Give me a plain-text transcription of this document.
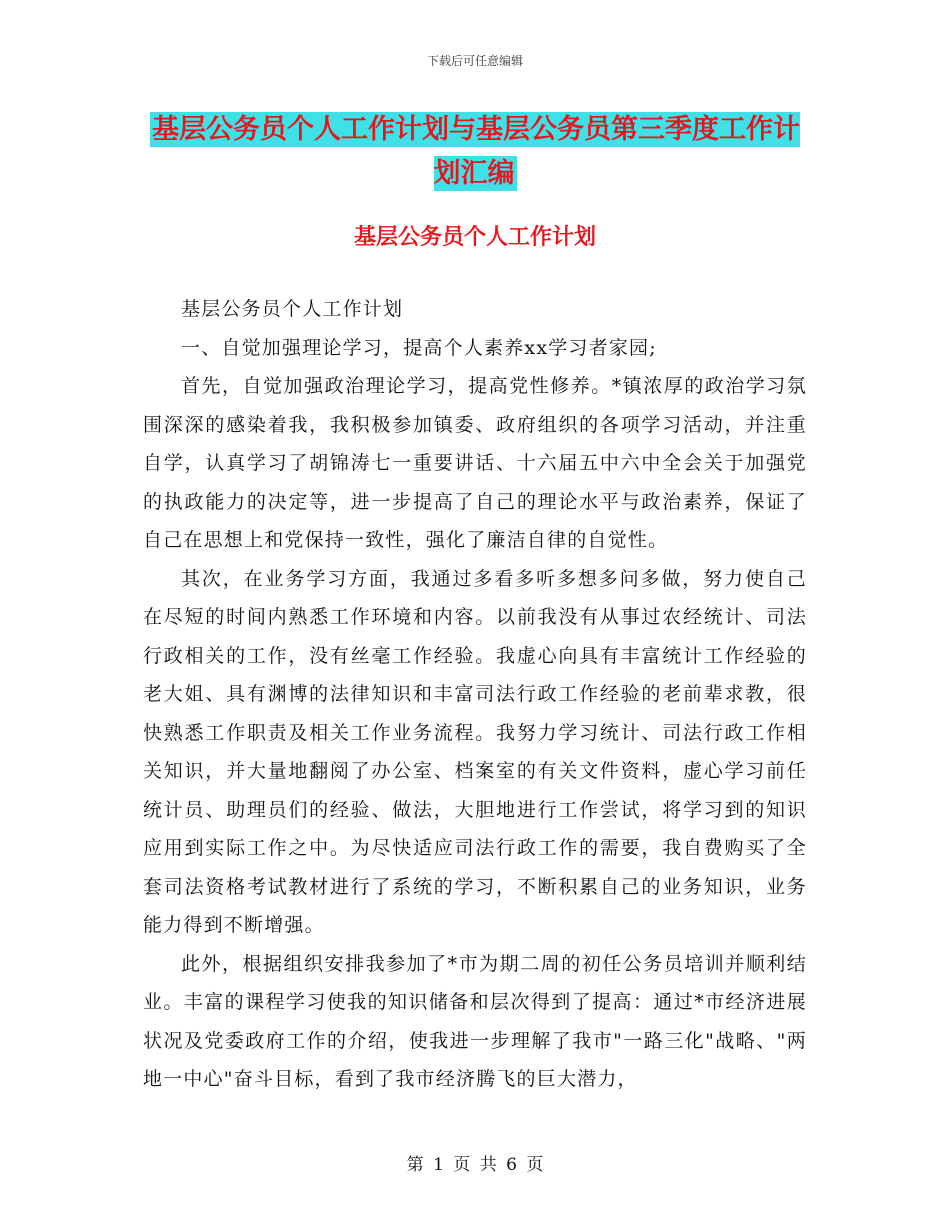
下载后可任意编辑
基层公务员个人工作计划与基层公务员第三季度工作计划汇编
基层公务员个人工作计划

基层公务员个人工作计划

一、自觉加强理论学习，提高个人素养xx学习者家园;

首先，自觉加强政治理论学习，提高党性修养。*镇浓厚的政治学习氛围深深的感染着我，我积极参加镇委、政府组织的各项学习活动，并注重自学，认真学习了胡锦涛七一重要讲话、十六届五中六中全会关于加强党的执政能力的决定等，进一步提高了自己的理论水平与政治素养，保证了自己在思想上和党保持一致性，强化了廉洁自律的自觉性。

其次，在业务学习方面，我通过多看多听多想多问多做，努力使自己在尽短的时间内熟悉工作环境和内容。以前我没有从事过农经统计、司法行政相关的工作，没有丝毫工作经验。我虚心向具有丰富统计工作经验的老大姐、具有渊博的法律知识和丰富司法行政工作经验的老前辈求教，很快熟悉工作职责及相关工作业务流程。我努力学习统计、司法行政工作相关知识，并大量地翻阅了办公室、档案室的有关文件资料，虚心学习前任统计员、助理员们的经验、做法，大胆地进行工作尝试，将学习到的知识应用到实际工作之中。为尽快适应司法行政工作的需要，我自费购买了全套司法资格考试教材进行了系统的学习，不断积累自己的业务知识，业务能力得到不断增强。

此外，根据组织安排我参加了*市为期二周的初任公务员培训并顺利结业。丰富的课程学习使我的知识储备和层次得到了提高：通过*市经济进展状况及党委政府工作的介绍，使我进一步理解了我市"一路三化"战略、"两地一中心"奋斗目标，看到了我市经济腾飞的巨大潜力，

第 1 页 共 6 页
